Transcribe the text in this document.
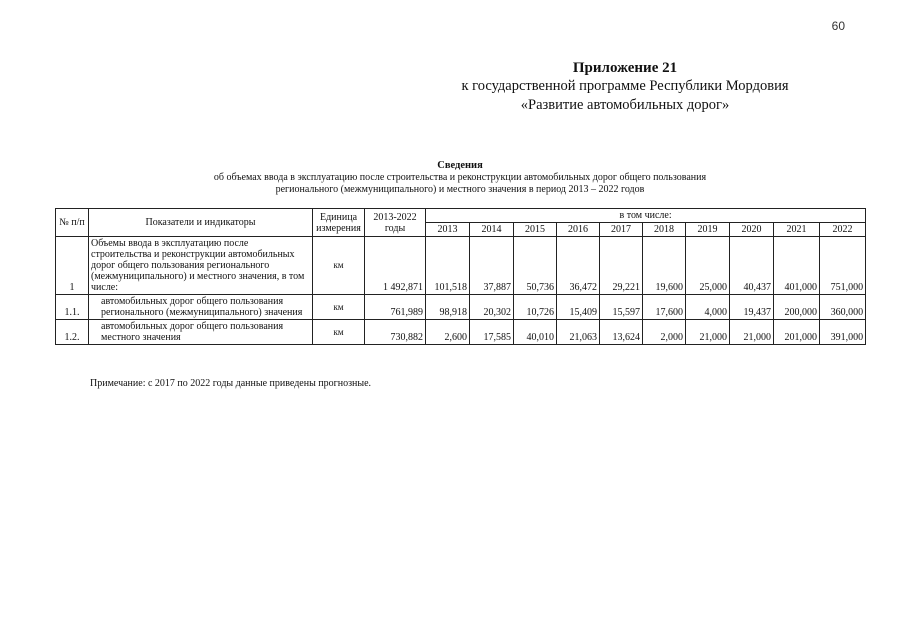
60
Приложение 21
к государственной программе Республики Мордовия
«Развитие автомобильных дорог»
Сведения
об объемах ввода в эксплуатацию после строительства и реконструкции автомобильных дорог общего пользования
регионального (межмуниципального) и местного значения в период 2013 – 2022 годов
№ п/п	Показатели и индикаторы	Единица измерения	2013-2022 годы	в том числе:									
				2013	2014	2015	2016	2017	2018	2019	2020	2021	2022
1	Объемы ввода в эксплуатацию после строительства и реконструкции автомобильных дорог общего пользования регионального (межмуниципального) и местного значения, в том числе:	км	1 492,871	101,518	37,887	50,736	36,472	29,221	19,600	25,000	40,437	401,000	751,000
1.1.	автомобильных дорог общего пользования регионального (межмуниципального) значения	км	761,989	98,918	20,302	10,726	15,409	15,597	17,600	4,000	19,437	200,000	360,000
1.2.	автомобильных дорог общего пользования местного значения	км	730,882	2,600	17,585	40,010	21,063	13,624	2,000	21,000	21,000	201,000	391,000
Примечание: с 2017 по 2022 годы данные приведены прогнозные.
